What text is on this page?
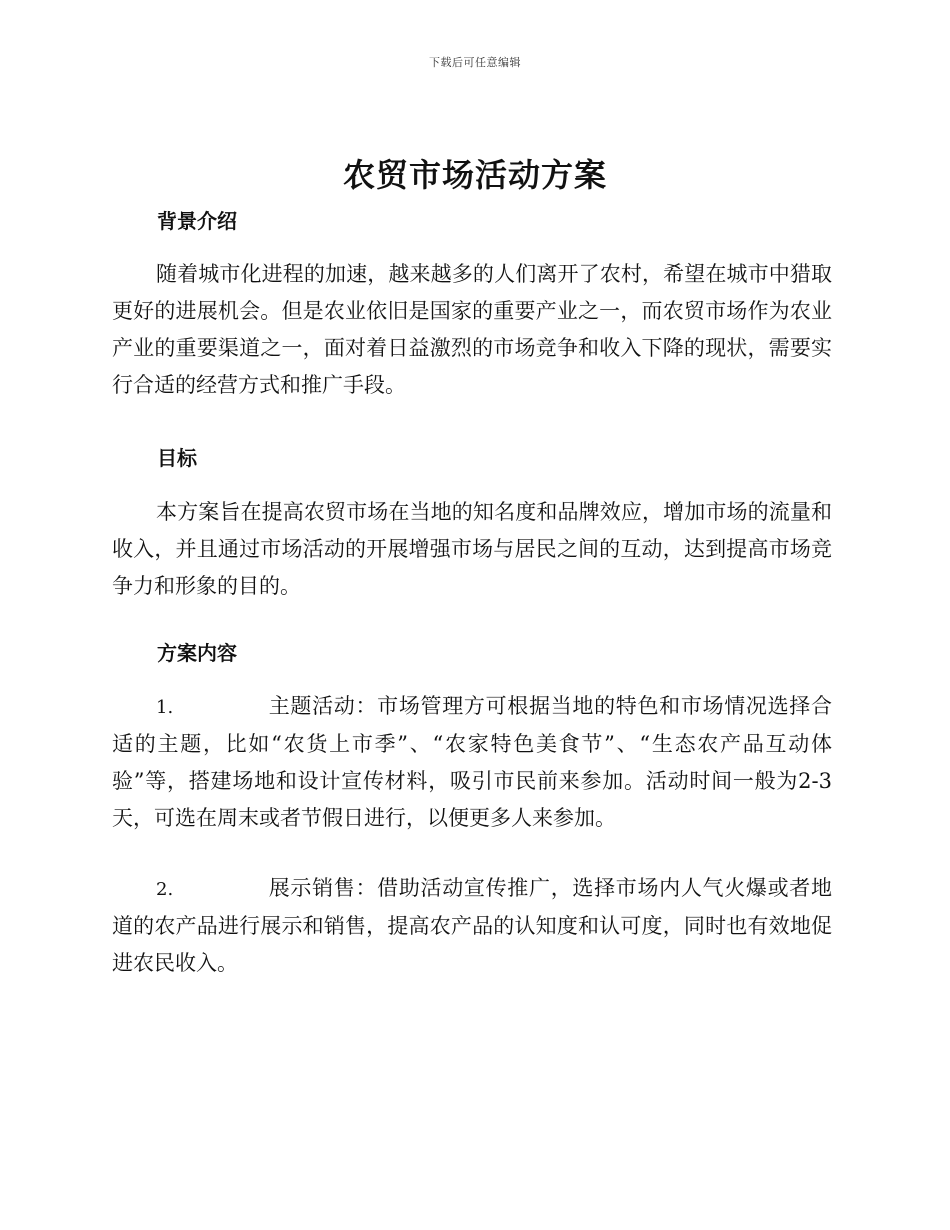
下载后可任意编辑
农贸市场活动方案
背景介绍

随着城市化进程的加速，越来越多的人们离开了农村，希望在城市中猎取更好的进展机会。但是农业依旧是国家的重要产业之一，而农贸市场作为农业产业的重要渠道之一，面对着日益激烈的市场竞争和收入下降的现状，需要实行合适的经营方式和推广手段。

目标

本方案旨在提高农贸市场在当地的知名度和品牌效应，增加市场的流量和收入，并且通过市场活动的开展增强市场与居民之间的互动，达到提高市场竞争力和形象的目的。

方案内容

1.	主题活动：市场管理方可根据当地的特色和市场情况选择合适的主题，比如“农货上市季”、“农家特色美食节”、“生态农产品互动体验”等，搭建场地和设计宣传材料，吸引市民前来参加。活动时间一般为2-3天，可选在周末或者节假日进行，以便更多人来参加。

2.	展示销售：借助活动宣传推广，选择市场内人气火爆或者地道的农产品进行展示和销售，提高农产品的认知度和认可度，同时也有效地促进农民收入。
